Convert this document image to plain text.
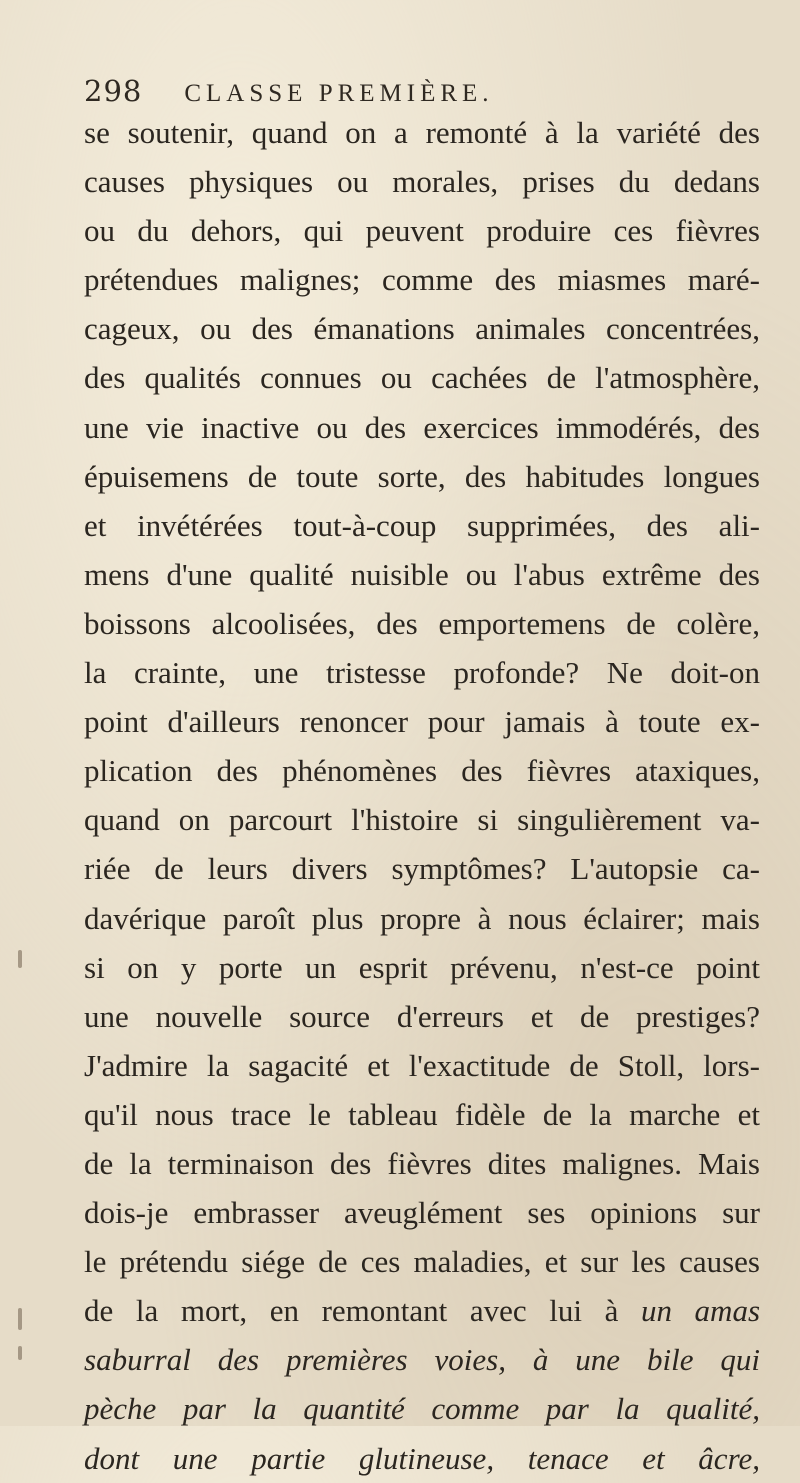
298 CLASSE PREMIÈRE.
se soutenir, quand on a remonté à la variété des
causes physiques ou morales, prises du dedans
ou du dehors, qui peuvent produire ces fièvres
prétendues malignes; comme des miasmes maré-
cageux, ou des émanations animales concentrées,
des qualités connues ou cachées de l'atmosphère,
une vie inactive ou des exercices immodérés, des
épuisemens de toute sorte, des habitudes longues
et invétérées tout-à-coup supprimées, des ali-
mens d'une qualité nuisible ou l'abus extrême des
boissons alcoolisées, des emportemens de colère,
la crainte, une tristesse profonde? Ne doit-on
point d'ailleurs renoncer pour jamais à toute ex-
plication des phénomènes des fièvres ataxiques,
quand on parcourt l'histoire si singulièrement va-
riée de leurs divers symptômes? L'autopsie ca-
davérique paroît plus propre à nous éclairer; mais
si on y porte un esprit prévenu, n'est-ce point
une nouvelle source d'erreurs et de prestiges?
J'admire la sagacité et l'exactitude de Stoll, lors-
qu'il nous trace le tableau fidèle de la marche et
de la terminaison des fièvres dites malignes. Mais
dois-je embrasser aveuglément ses opinions sur
le prétendu siége de ces maladies, et sur les causes
de la mort, en remontant avec lui à un amas
saburral des premières voies, à une bile qui
pèche par la quantité comme par la qualité,
dont une partie glutineuse, tenace et âcre,
